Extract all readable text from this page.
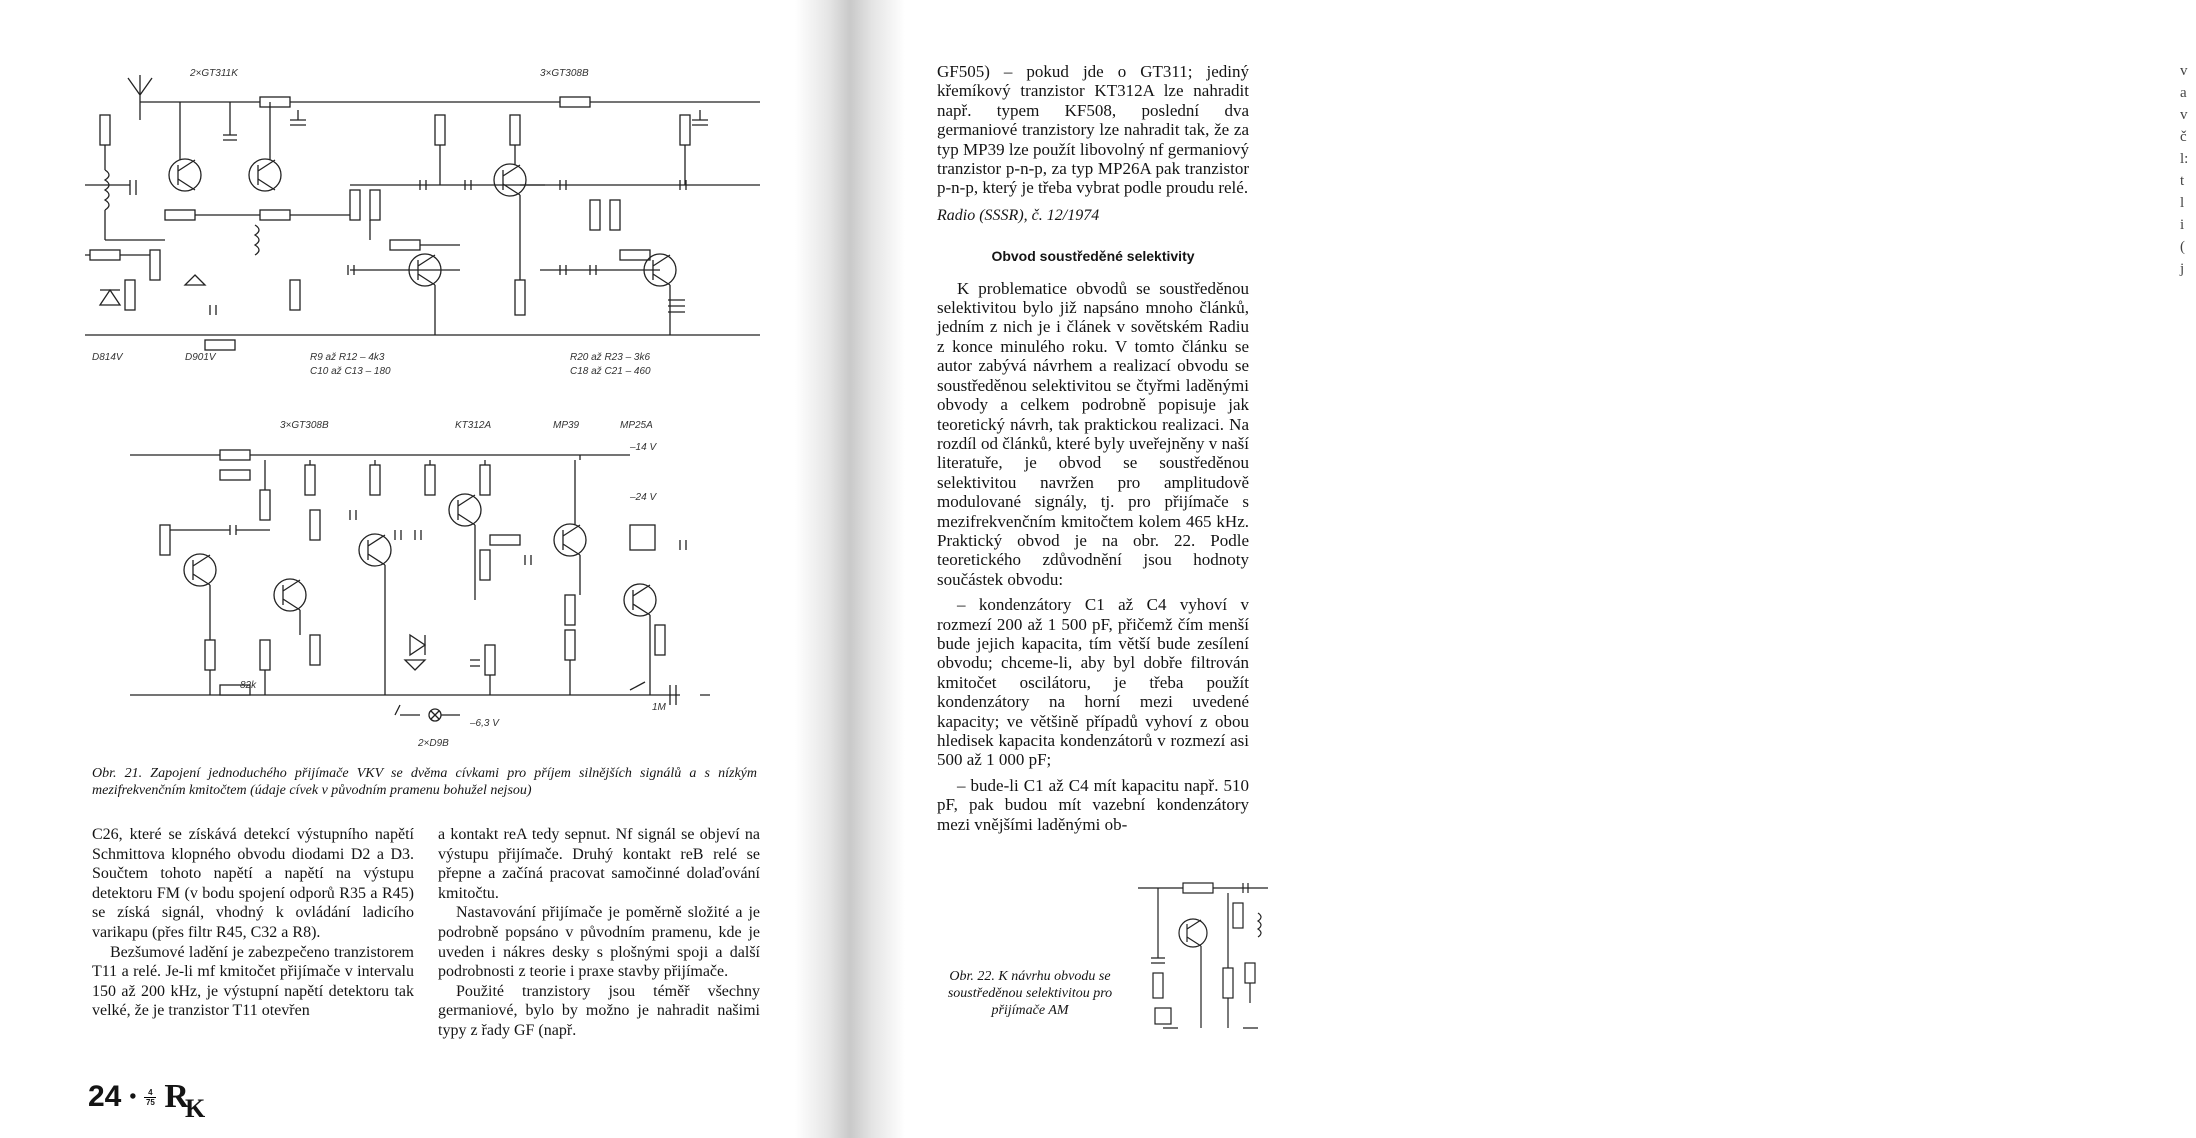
2×GT311K	3×GT308B
D814V	D901V	R9 až R12 – 4k3
C10 až C13 – 180
R20 až R23 – 3k6
C18 až C21 – 460
3×GT308B	KT312A	MP39	MP25A
–14 V
–24 V
2×D9B
–6,3 V
82k
1M
Obr. 21. Zapojení jednoduchého přijímače VKV se dvěma cívkami pro příjem silnějších signálů a s nízkým mezifrekvenčním kmitočtem (údaje cívek v původním pramenu bohužel nejsou)

C26, které se získává detekcí výstupního napětí Schmittova klopného obvodu diodami D2 a D3. Součtem tohoto napětí a napětí na výstupu detektoru FM (v bodu spojení odporů R35 a R45) se získá signál, vhodný k ovládání ladicího varikapu (přes filtr R45, C32 a R8).

Bezšumové ladění je zabezpečeno tranzistorem T11 a relé. Je-li mf kmitočet přijímače v intervalu 150 až 200 kHz, je výstupní napětí detektoru tak velké, že je tranzistor T11 otevřen

a kontakt reA tedy sepnut. Nf signál se objeví na výstupu přijímače. Druhý kontakt reB relé se přepne a začíná pracovat samočinné dolaďování kmitočtu.

Nastavování přijímače je poměrně složité a je podrobně popsáno v původním pramenu, kde je uveden i nákres desky s plošnými spoji a další podrobnosti z teorie i praxe stavby přijímače.

Použité tranzistory jsou téměř všechny germaniové, bylo by možno je nahradit našimi typy z řady GF (např.

24 • $\frac{4}{75} R_K$

GF505) – pokud jde o GT311; jediný křemíkový tranzistor KT312A lze nahradit např. typem KF508, poslední dva germaniové tranzistory lze nahradit tak, že za typ MP39 lze použít libovolný nf germaniový tranzistor p-n-p, za typ MP26A pak tranzistor p-n-p, který je třeba vybrat podle proudu relé.

Radio (SSSR), č. 12/1974

Obvod soustředěné selektivity

K problematice obvodů se soustředěnou selektivitou bylo již napsáno mnoho článků, jedním z nich je i článek v sovětském Radiu z konce minulého roku. V tomto článku se autor zabývá návrhem a realizací obvodu se soustředěnou selektivitou se čtyřmi laděnými obvody a celkem podrobně popisuje jak teoretický návrh, tak praktickou realizaci. Na rozdíl od článků, které byly uveřejněny v naší literatuře, je obvod se soustředěnou selektivitou navržen pro amplitudově modulované signály, tj. pro přijímače s mezifrekvenčním kmitočtem kolem 465 kHz. Praktický obvod je na obr. 22. Podle teoretického zdůvodnění jsou hodnoty součástek obvodu:

– kondenzátory C1 až C4 vyhoví v rozmezí 200 až 1 500 pF, přičemž čím menší bude jejich kapacita, tím větší bude zesílení obvodu; chceme-li, aby byl dobře filtrován kmitočet oscilátoru, je třeba použít kondenzátory na horní mezi uvedené kapacity; ve většině případů vyhoví z obou hledisek kapacita kondenzátorů v rozmezí asi 500 až 1 000 pF;

– bude-li C1 až C4 mít kapacitu např. 510 pF, pak budou mít vazební kondenzátory mezi vnějšími laděnými ob-

Obr. 22. K návrhu obvodu se soustředěnou selektivitou pro přijímače AM

v
a
v
č
l:
t
l
i
(
j
